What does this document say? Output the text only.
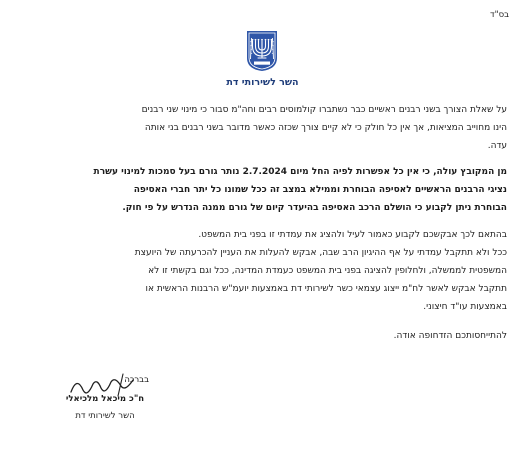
בס"ד
השר לשירותי דת
על שאלת הצורך בשני רבנים ראשיים כבר נשתברו קולמוסים רבים וחה"מ סבור כי מינוי שני רבנים
הינו מחוייב המציאות, אך אין כל חולק כי לא קיים צורך שכזה כאשר מדובר בשני רבנים בני אותה
עדה.
מן המקובץ עולה, כי אין כל אפשרות לפיה החל מיום 2.7.2024 נותר גורם בעל סמכות למינוי עשרת
נציגי הרבנים הראשיים לאסיפה הבוחרת וממילא במצב זה ככל שמונו כל יתר חברי האסיפה
הבוחרת ניתן לקבוע כי הושלם הרכב האסיפה בהיעדר קיום של גורם ממנה הנדרש על פי חוק.
בהתאם לכך אבקשכם לקבוע כאמור לעיל ולהציג את עמדתי זו בפני בית המשפט.
ככל ולא תתקבל עמדתי על אף ההיגיון הרב שבה, אבקש להעלות את העניין להכרעתה של היועצת
המשפטית לממשלה, ולחלופין להציגה בפני בית המשפט כעמדת המדינה, ככל וגם בקשתי זו לא
תתקבל אבקש לאשר לח"מ ייצוג עצמאי כשר לשירותי דת באמצעות יועמ"ש הרבנות הראשית או
באמצעות עו"ד חיצוני.
להתייחסותכם הזדחופה אודה.
בברכה
ח"כ מיכאל מלכיאלי
השר לשירותי דת
